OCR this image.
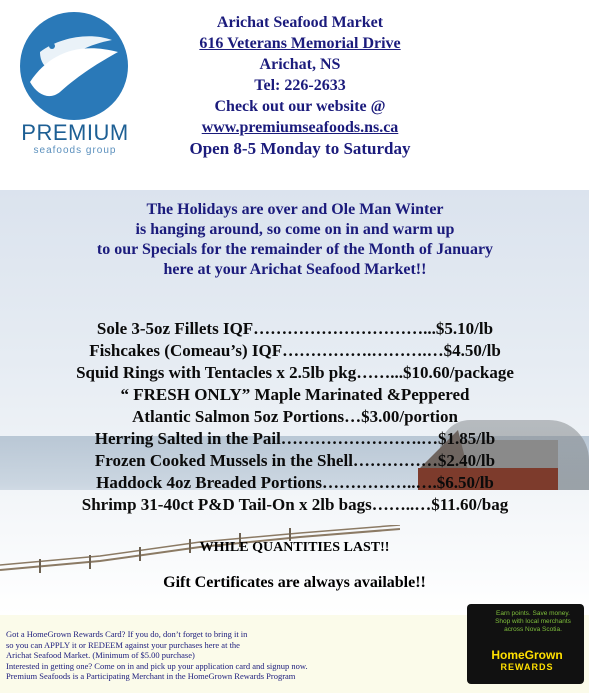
PREMIUM
seafoods group
Arichat Seafood Market
616 Veterans Memorial Drive
Arichat, NS
Tel: 226-2633
Check out our website @
www.premiumseafoods.ns.ca
Open 8-5 Monday to Saturday
The Holidays are over and Ole Man Winter
is hanging around, so come on in and warm up
to our Specials for the remainder of the Month of January
here at your Arichat Seafood Market!!
Sole 3-5oz Fillets IQF…………………………...$5.10/lb
Fishcakes (Comeau’s) IQF…………….……….…$4.50/lb
Squid Rings with Tentacles x 2.5lb pkg……...$10.60/package
“ FRESH ONLY” Maple Marinated &Peppered
Atlantic Salmon 5oz Portions…$3.00/portion
Herring Salted in the Pail…………………….…$1.85/lb
Frozen Cooked Mussels in the Shell……………$2.40/lb
Haddock 4oz Breaded Portions……………..….$6.50/lb
Shrimp 31-40ct P&D Tail-On x 2lb bags……..…$11.60/bag
WHILE QUANTITIES LAST!!
Gift Certificates are always available!!
Got a HomeGrown Rewards Card? If you do, don’t forget to bring it in
so you can APPLY it or REDEEM against your purchases here at the
Arichat Seafood Market. (Minimum of $5.00 purchase)
Interested in getting one? Come on in and pick up your application card and signup now.
Premium Seafoods is a Participating Merchant in the HomeGrown Rewards Program
Earn points. Save money. Shop with local merchants across Nova Scotia.
HomeGrown
REWARDS
